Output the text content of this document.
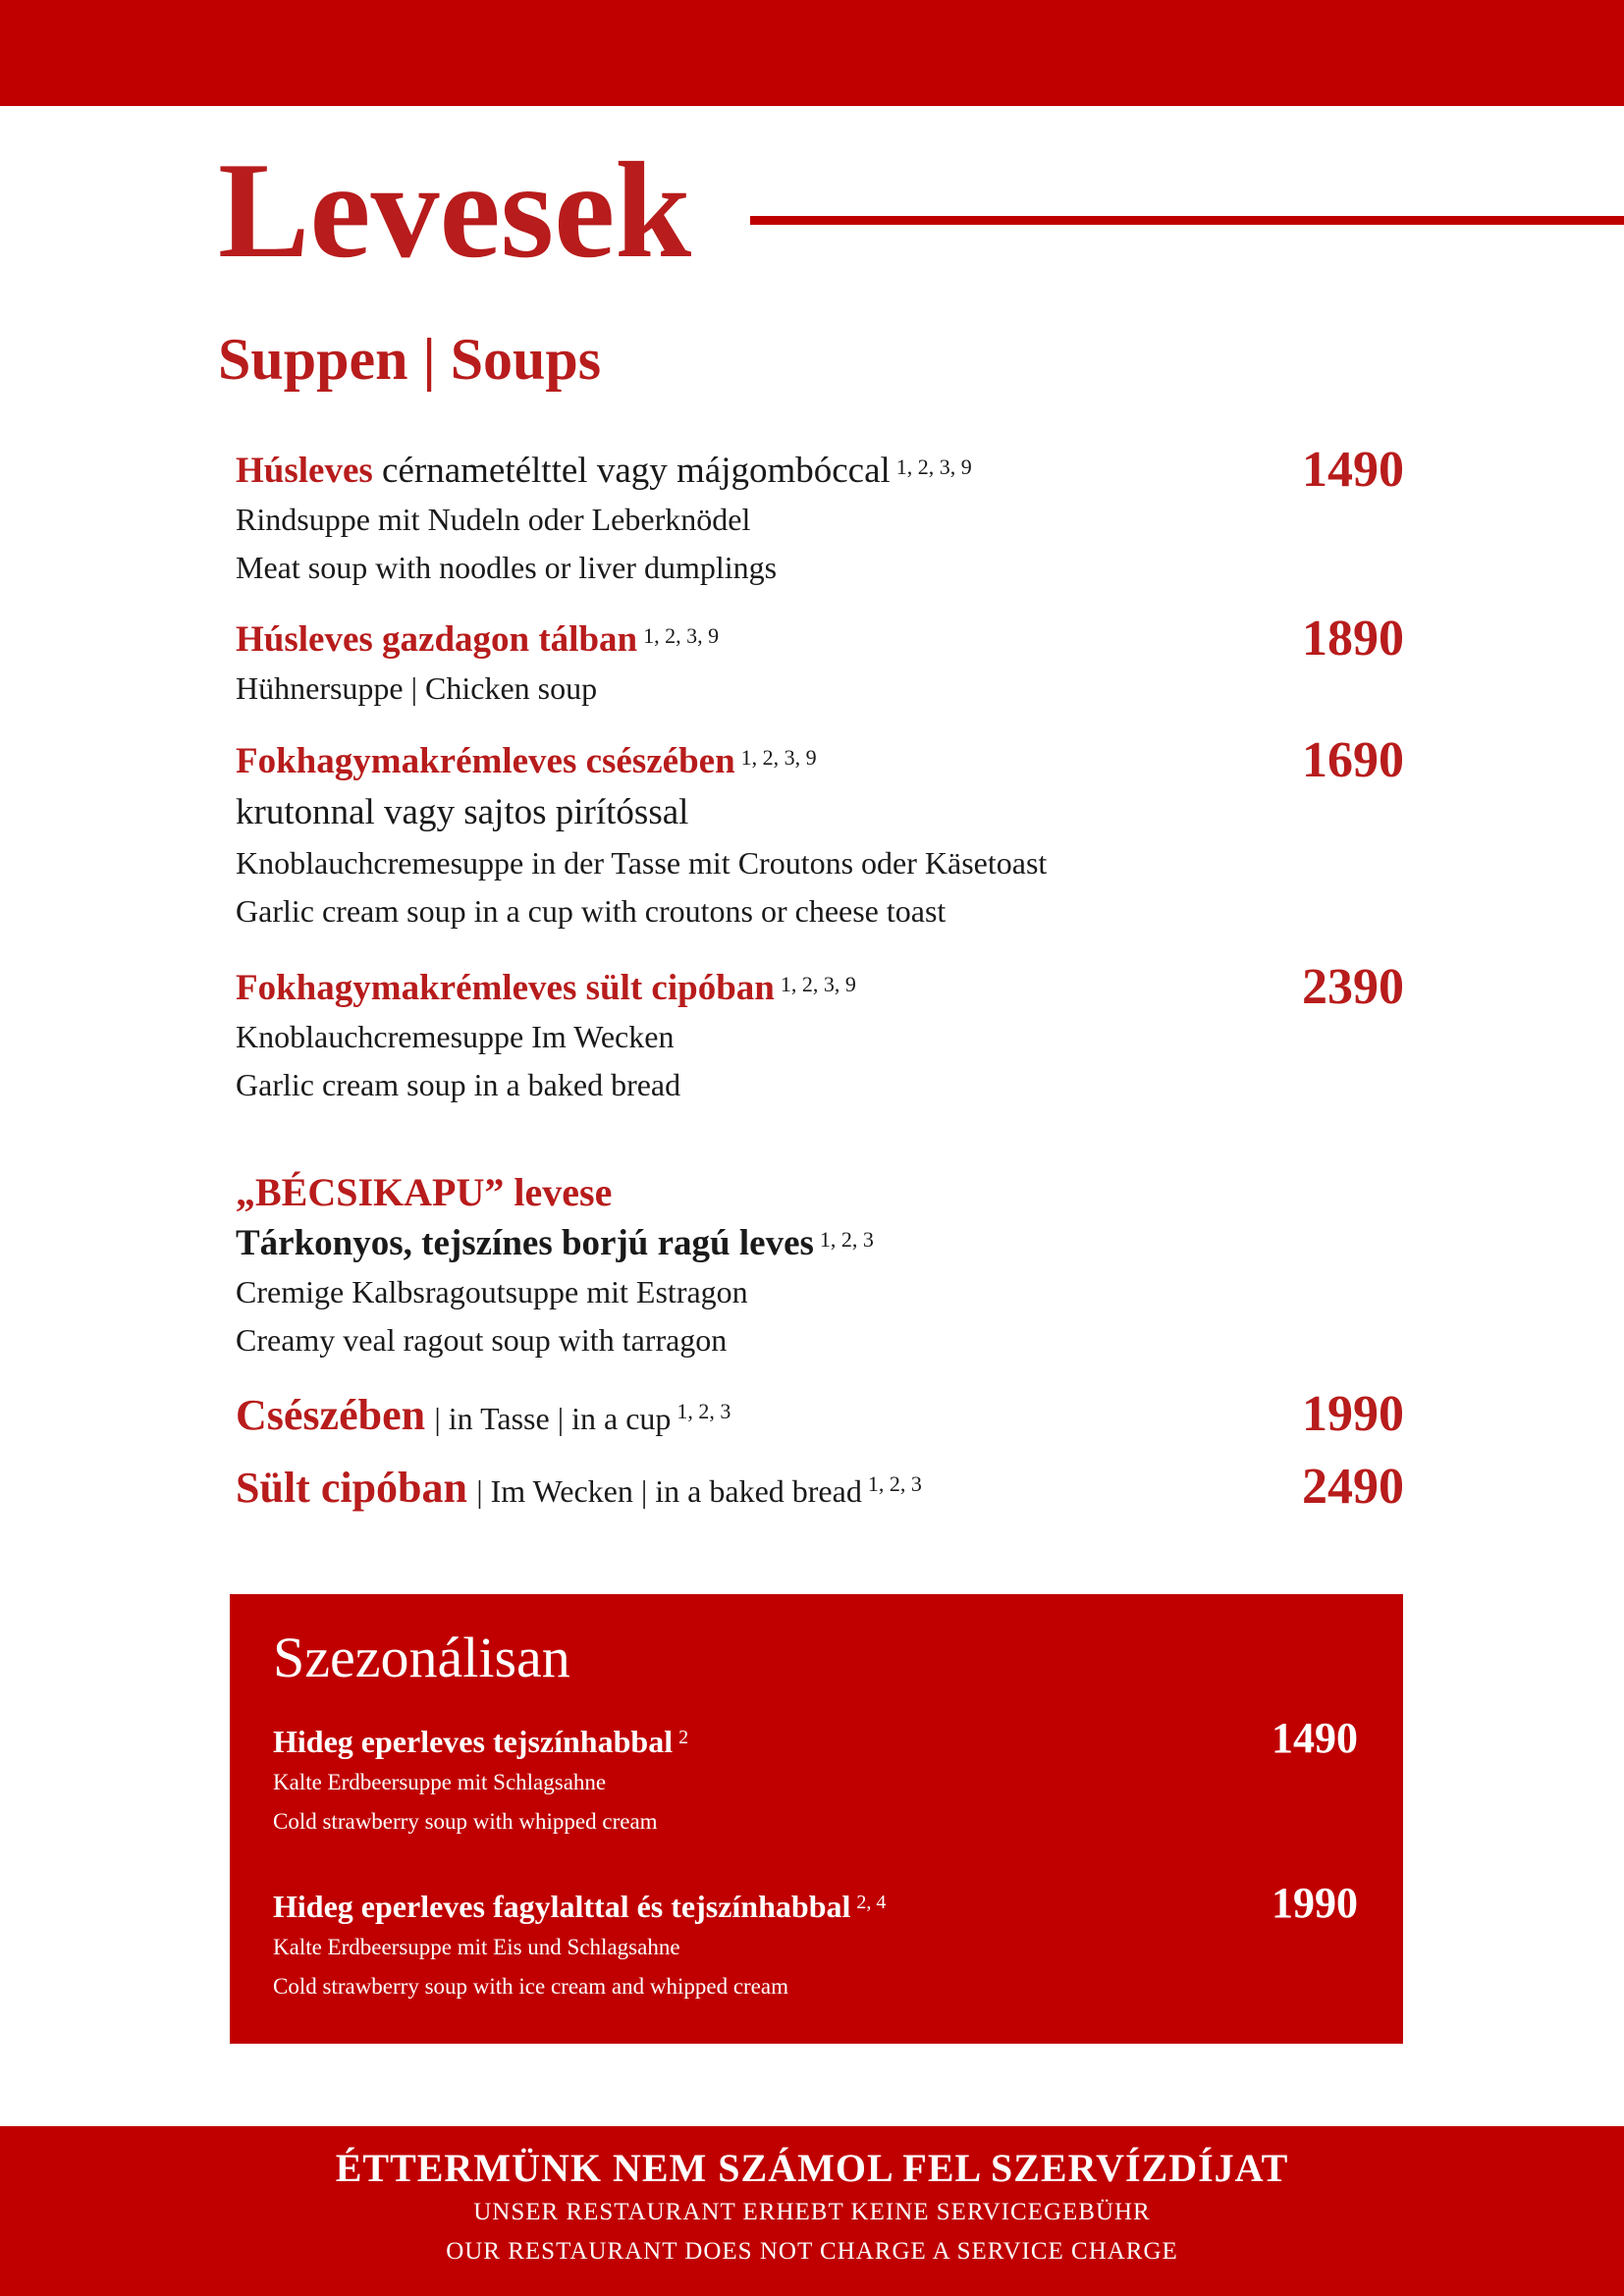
Levesek
Suppen | Soups
Húsleves cérnametélttel vagy májgombóccal $^{1, 2, 3, 9}$	1490
Rindsuppe mit Nudeln oder Leberknödel
Meat soup with noodles or liver dumplings
Húsleves gazdagon tálban $^{1, 2, 3, 9}$	1890
Hühnersuppe | Chicken soup
Fokhagymakrémleves csészében $^{1, 2, 3, 9}$	1690
krutonnal vagy sajtos pirítóssal
Knoblauchcremesuppe in der Tasse mit Croutons oder Käsetoast
Garlic cream soup in a cup with croutons or cheese toast
Fokhagymakrémleves sült cipóban $^{1, 2, 3, 9}$	2390
Knoblauchcremesuppe Im Wecken
Garlic cream soup in a baked bread
„BÉCSIKAPU” levese
Tárkonyos, tejszínes borjú ragú leves $^{1, 2, 3}$
Cremige Kalbsragoutsuppe mit Estragon
Creamy veal ragout soup with tarragon
Csészében | in Tasse | in a cup $^{1, 2, 3}$	1990
Sült cipóban | Im Wecken | in a baked bread $^{1, 2, 3}$	2490
Szezonálisan
Hideg eperleves tejszínhabbal $^2$	1490
Kalte Erdbeersuppe mit Schlagsahne
Cold strawberry soup with whipped cream
Hideg eperleves fagylalttal és tejszínhabbal $^{2, 4}$	1990
Kalte Erdbeersuppe mit Eis und Schlagsahne
Cold strawberry soup with ice cream and whipped cream
ÉTTERMÜNK NEM SZÁMOL FEL SZERVÍZDÍJAT
UNSER RESTAURANT ERHEBT KEINE SERVICEGEBÜHR
OUR RESTAURANT DOES NOT CHARGE A SERVICE CHARGE
